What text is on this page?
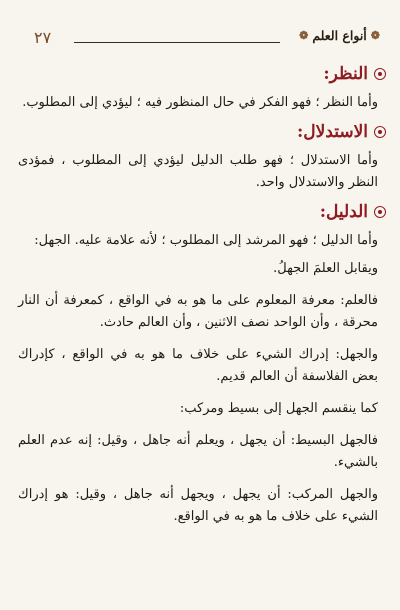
❁
أنواع العلم
❁
٢٧
النظر:

وأما النظر ؛ فهو الفكر في حال المنظور فيه ؛ ليؤدي إلى المطلوب.

الاستدلال:

وأما الاستدلال ؛ فهو طلب الدليل ليؤدي إلى المطلوب ، فمؤدى النظر والاستدلال واحد.

الدليل:

وأما الدليل ؛ فهو المرشد إلى المطلوب ؛ لأنه علامة عليه. الجهل:

ويقابل العلمَ الجهلُ.

فالعلم: معرفة المعلوم على ما هو به في الواقع ، كمعرفة أن النار محرقة ، وأن الواحد نصف الاثنين ، وأن العالم حادث.

والجهل: إدراك الشيء على خلاف ما هو به في الواقع ، كإدراك بعض الفلاسفة أن العالم قديم.

كما ينقسم الجهل إلى بسيط ومركب:

فالجهل البسيط: أن يجهل ، ويعلم أنه جاهل ، وقيل: إنه عدم العلم بالشيء.

والجهل المركب: أن يجهل ، ويجهل أنه جاهل ، وقيل: هو إدراك الشيء على خلاف ما هو به في الواقع.
